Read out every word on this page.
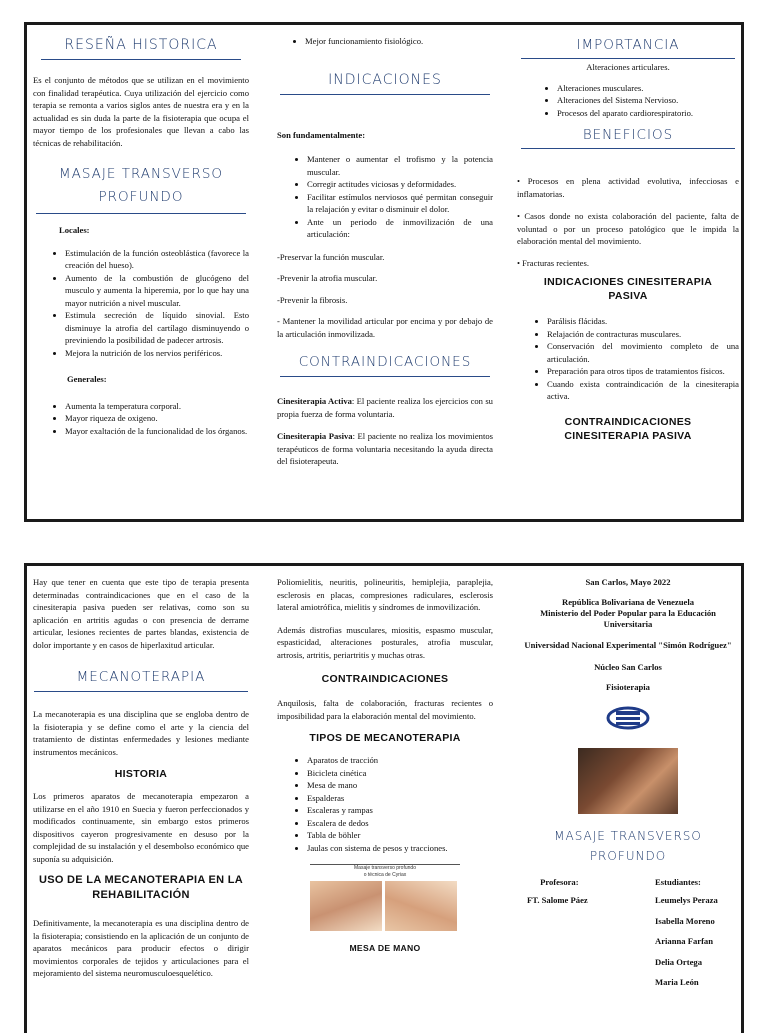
RESEÑA HISTORICA

Es el conjunto de métodos que se utilizan en el movimiento con finalidad terapéutica. Cuya utilización del ejercicio como terapia se remonta a varios siglos antes de nuestra era y en la actualidad es sin duda la parte de la fisioterapia que ocupa el mayor tiempo de los profesionales que llevan a cabo las técnicas de rehabilitación.

MASAJE TRANSVERSO
PROFUNDO
Locales:
• Estimulación de la función osteoblástica (favorece la creación del hueso).
• Aumento de la combustión de glucógeno del musculo y aumenta la hiperemia, por lo que hay una mayor nutrición a nivel muscular.
• Estimula secreción de líquido sinovial. Esto disminuye la atrofia del cartílago disminuyendo o previniendo la posibilidad de padecer artrosis.
• Mejora la nutrición de los nervios periféricos.
Generales:
• Aumenta la temperatura corporal.
• Mayor riqueza de oxigeno.
• Mayor exaltación de la funcionalidad de los órganos.
• Mejor funcionamiento fisiológico.
INDICACIONES
Son fundamentalmente:
• Mantener o aumentar el trofismo y la potencia muscular.
• Corregir actitudes viciosas y deformidades.
• Facilitar estímulos nerviosos qué permitan conseguir la relajación y evitar o disminuir el dolor.
• Ante un periodo de inmovilización de una articulación:

-Preservar la función muscular.

-Prevenir la atrofia muscular.

-Prevenir la fibrosis.

- Mantener la movilidad articular por encima y por debajo de la articulación inmovilizada.

CONTRAINDICACIONES

Cinesiterapia Activa: El paciente realiza los ejercicios con su propia fuerza de forma voluntaria.

Cinesiterapia Pasiva: El paciente no realiza los movimientos terapéuticos de forma voluntaria necesitando la ayuda directa del fisioterapeuta.

IMPORTANCIA
Alteraciones articulares.
• Alteraciones musculares.
• Alteraciones del Sistema Nervioso.
• Procesos del aparato cardiorespiratorio.
BENEFICIOS

• Procesos en plena actividad evolutiva, infecciosas e inflamatorias.

• Casos donde no exista colaboración del paciente, falta de voluntad o por un proceso patológico que le impida la elaboración mental del movimiento.

• Fracturas recientes.

INDICACIONES CINESITERAPIA
PASIVA
• Parálisis flácidas.
• Relajación de contracturas musculares.
• Conservación del movimiento completo de una articulación.
• Preparación para otros tipos de tratamientos físicos.
• Cuando exista contraindicación de la cinesiterapia activa.
CONTRAINDICACIONES
CINESITERAPIA PASIVA

Hay que tener en cuenta que este tipo de terapia presenta determinadas contraindicaciones que en el caso de la cinesiterapia pasiva pueden ser relativas, como son su aplicación en artritis agudas o con presencia de derrame articular, lesiones recientes de partes blandas, existencia de dolor importante y en casos de hiperlaxitud articular.

MECANOTERAPIA

La mecanoterapia es una disciplina que se engloba dentro de la fisioterapia y se define como el arte y la ciencia del tratamiento de distintas enfermedades y lesiones mediante instrumentos mecánicos.

HISTORIA

Los primeros aparatos de mecanoterapia empezaron a utilizarse en el año 1910 en Suecia y fueron perfeccionados y modificados continuamente, sin embargo estos primeros dispositivos cayeron progresivamente en desuso por la complejidad de su instalación y el desembolso económico que suponía su adquisición.

USO DE LA MECANOTERAPIA EN LA
REHABILITACIÓN

Definitivamente, la mecanoterapia es una disciplina dentro de la fisioterapia; consistiendo en la aplicación de un conjunto de aparatos mecánicos para producir efectos o dirigir movimientos corporales de tejidos y articulaciones para el mejoramiento del sistema neuromusculoesquelético.

Poliomielitis, neuritis, polineuritis, hemiplejia, paraplejia, esclerosis en placas, compresiones radiculares, esclerosis lateral amiotrófica, mielitis y síndromes de inmovilización.

Además distrofias musculares, miositis, espasmo muscular, espasticidad, alteraciones posturales, atrofia muscular, artrosis, artritis, periartritis y muchas otras.

CONTRAINDICACIONES

Anquilosis, falta de colaboración, fracturas recientes o imposibilidad para la elaboración mental del movimiento.

TIPOS DE MECANOTERAPIA
• Aparatos de tracción
• Bicicleta cinética
• Mesa de mano
• Espalderas
• Escaleras y rampas
• Escalera de dedos
• Tabla de böhler
• Jaulas con sistema de pesos y tracciones.
Masaje transverso profundo
o técnica de Cyriax
MESA DE MANO
San Carlos, Mayo 2022
República Bolivariana de Venezuela
Ministerio del Poder Popular para la Educación Universitaria
Universidad Nacional Experimental "Simón Rodríguez"
Núcleo San Carlos
Fisioterapia
MASAJE TRANSVERSO
PROFUNDO
Profesora:
FT. Salome Páez
Estudiantes:
Leumelys Peraza
Isabella Moreno
Arianna Farfan
Delia Ortega
Maria León
